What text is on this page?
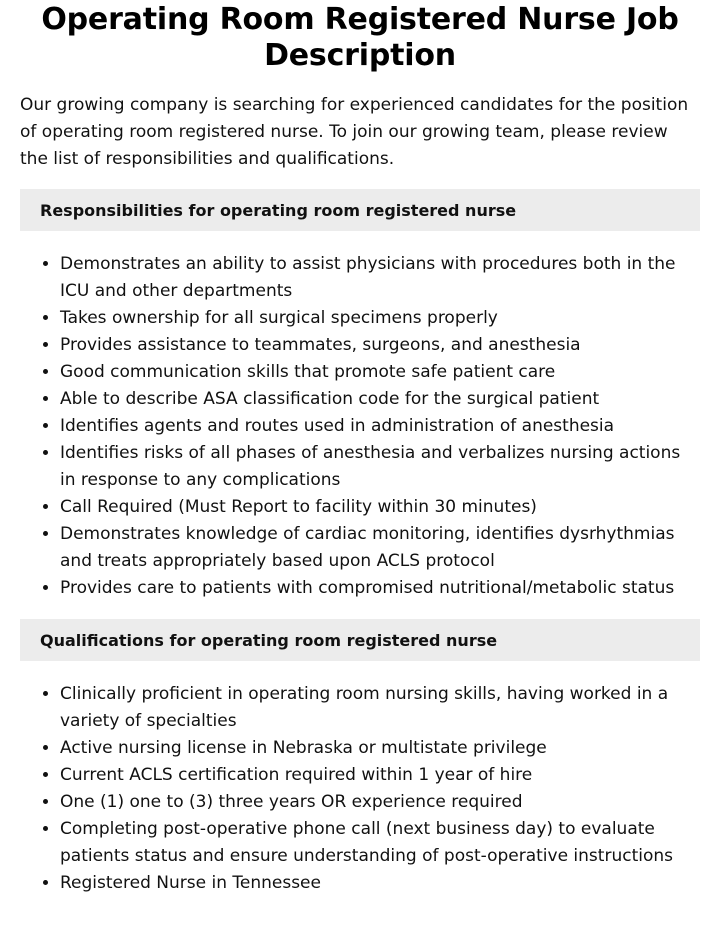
Operating Room Registered Nurse Job Description

Our growing company is searching for experienced candidates for the position of operating room registered nurse. To join our growing team, please review the list of responsibilities and qualifications.

Responsibilities for operating room registered nurse
• Demonstrates an ability to assist physicians with procedures both in the ICU and other departments
• Takes ownership for all surgical specimens properly
• Provides assistance to teammates, surgeons, and anesthesia
• Good communication skills that promote safe patient care
• Able to describe ASA classification code for the surgical patient
• Identifies agents and routes used in administration of anesthesia
• Identifies risks of all phases of anesthesia and verbalizes nursing actions in response to any complications
• Call Required (Must Report to facility within 30 minutes)
• Demonstrates knowledge of cardiac monitoring, identifies dysrhythmias and treats appropriately based upon ACLS protocol
• Provides care to patients with compromised nutritional/metabolic status
Qualifications for operating room registered nurse
• Clinically proficient in operating room nursing skills, having worked in a variety of specialties
• Active nursing license in Nebraska or multistate privilege
• Current ACLS certification required within 1 year of hire
• One (1) one to (3) three years OR experience required
• Completing post-operative phone call (next business day) to evaluate patients status and ensure understanding of post-operative instructions
• Registered Nurse in Tennessee
